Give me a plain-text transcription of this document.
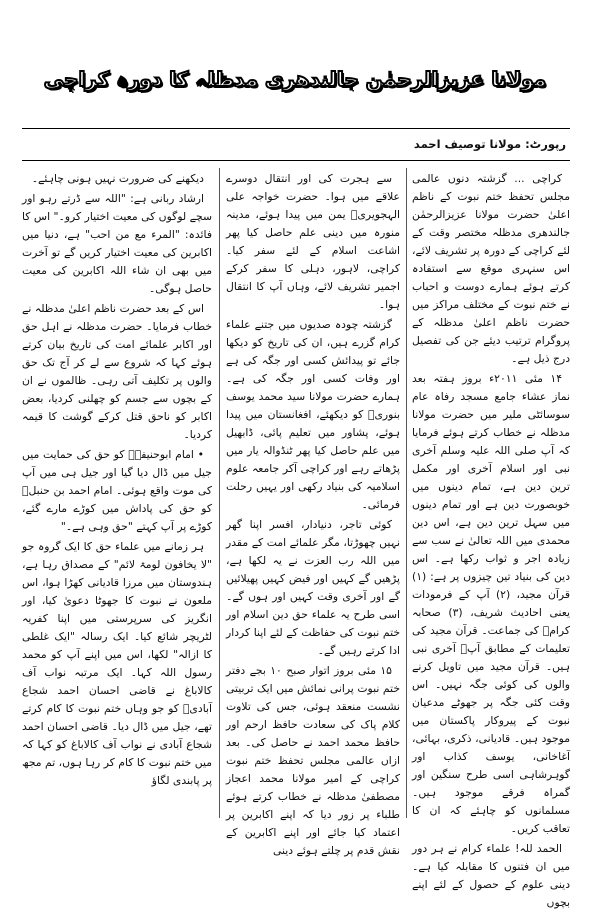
مولانا عزیزالرحمٰن جالندھری مدظلہ کا دورہ کراچی
رپورٹ: مولانا توصیف احمد

کراچی ... گزشتہ دنوں عالمی مجلس تحفظ ختم نبوت کے ناظم اعلیٰ حضرت مولانا عزیزالرحمٰن جالندھری مدظلہ مختصر وقت کے لئے کراچی کے دورہ پر تشریف لائے، اس سنہری موقع سے استفادہ کرتے ہوئے ہمارے دوست و احباب نے ختم نبوت کے مختلف مراکز میں حضرت ناظم اعلیٰ مدظلہ کے پروگرام ترتیب دیئے جن کی تفصیل درج ذیل ہے۔

۱۴ مئی ۲۰۱۱ء بروز ہفتہ بعد نماز عشاء جامع مسجد رفاہ عام سوسائٹی ملیر میں حضرت مولانا مدظلہ نے خطاب کرتے ہوئے فرمایا کہ آپ صلی اللہ علیہ وسلم آخری نبی اور اسلام آخری اور مکمل ترین دین ہے، تمام دینوں میں خوبصورت دین ہے اور تمام دینوں میں سہل ترین دین ہے، اس دین محمدی میں اللہ تعالیٰ نے سب سے زیادہ اجر و ثواب رکھا ہے۔ اس دین کی بنیاد تین چیزوں پر ہے: (۱) قرآن مجید، (۲) آپ کے فرمودات یعنی احادیث شریف، (۳) صحابہ کرامؓ کی جماعت۔ قرآن مجید کی تعلیمات کے مطابق آپؐ آخری نبی ہیں۔ قرآن مجید میں تاویل کرنے والوں کی کوئی جگہ نہیں۔ اس وقت کئی جگہ پر جھوٹے مدعیان نبوت کے پیروکار پاکستان میں موجود ہیں۔ قادیانی، ذکری، بہائی، آغاخانی، یوسف کذاب اور گوہرشاہی اسی طرح سنگین اور گمراہ فرقے موجود ہیں۔ مسلمانوں کو چاہئے کہ ان کا تعاقب کریں۔

الحمد للہ! علماء کرام نے ہر دور میں ان فتنوں کا مقابلہ کیا ہے۔ دینی علوم کے حصول کے لئے اپنے بچوں

سے ہجرت کی اور انتقال دوسرے علاقے میں ہوا۔ حضرت خواجہ علی الہجویریؒ یمن میں پیدا ہوئے، مدینہ منورہ میں دینی علم حاصل کیا پھر اشاعت اسلام کے لئے سفر کیا۔ کراچی، لاہور، دہلی کا سفر کرکے اجمیر تشریف لائے، وہاں آپ کا انتقال ہوا۔

گزشتہ چودہ صدیوں میں جتنے علماء کرام گزرے ہیں، ان کی تاریخ کو دیکھا جائے تو پیدائش کسی اور جگہ کی ہے اور وفات کسی اور جگہ کی ہے۔ ہمارے حضرت مولانا سید محمد یوسف بنوریؒ کو دیکھئے، افغانستان میں پیدا ہوئے، پشاور میں تعلیم پائی، ڈابھیل میں علم حاصل کیا پھر ٹنڈوالہ یار میں پڑھاتے رہے اور کراچی آکر جامعہ علوم اسلامیہ کی بنیاد رکھی اور یہیں رحلت فرمائی۔

کوئی تاجر، دنیادار، افسر اپنا گھر نہیں چھوڑتا، مگر علمائے امت کے مقدر میں اللہ رب العزت نے یہ لکھا ہے، پڑھیں گے کہیں اور فیض کہیں پھیلائیں گے اور آخری وقت کہیں اور ہوں گے۔ اسی طرح یہ علماء حق دین اسلام اور ختم نبوت کی حفاظت کے لئے اپنا کردار ادا کرتے رہیں گے۔

۱۵ مئی بروز اتوار صبح ۱۰ بجے دفتر ختم نبوت پرانی نمائش میں ایک تربیتی نشست منعقد ہوئی، جس کی تلاوت کلام پاک کی سعادت حافظ ارحم اور حافظ محمد احمد نے حاصل کی۔ بعد ازاں عالمی مجلس تحفظ ختم نبوت کراچی کے امیر مولانا محمد اعجاز مصطفیٰ مدظلہ نے خطاب کرتے ہوئے طلباء پر زور دیا کہ اپنے اکابرین پر اعتماد کیا جائے اور اپنے اکابرین کے نقش قدم پر چلتے ہوئے دینی

دیکھنے کی ضرورت نہیں ہونی چاہئے۔

ارشاد ربانی ہے: "اللہ سے ڈرتے رہو اور سچے لوگوں کی معیت اختیار کرو۔" اس کا فائدہ: "المرء مع من احب" ہے، دنیا میں اکابرین کی معیت اختیار کریں گے تو آخرت میں بھی ان شاء اللہ اکابرین کی معیت حاصل ہوگی۔

اس کے بعد حضرت ناظم اعلیٰ مدظلہ نے خطاب فرمایا۔ حضرت مدظلہ نے اہل حق اور اکابر علمائے امت کی تاریخ بیان کرتے ہوئے کہا کہ شروع سے لے کر آج تک حق والوں پر تکلیف آتی رہی۔ ظالموں نے ان کے بچوں سے جسم کو چھلنی کردیا، بعض اکابر کو ناحق قتل کرکے گوشت کا قیمہ کردیا۔

• امام ابوحنیفہؒ کو حق کی حمایت میں جیل میں ڈال دیا گیا اور جیل ہی میں آپ کی موت واقع ہوئی۔ امام احمد بن حنبلؒ کو حق کی پاداش میں کوڑے مارے گئے، کوڑے پر آپ کہتے "حق وہی ہے۔"

ہر زمانے میں علماء حق کا ایک گروہ جو "لا یخافون لومۃ لائم" کے مصداق رہا ہے، ہندوستان میں مرزا قادیانی کھڑا ہوا، اس ملعون نے نبوت کا جھوٹا دعویٰ کیا، اور انگریز کی سرپرستی میں اپنا کفریہ لٹریچر شائع کیا۔ ایک رسالہ "ایک غلطی کا ازالہ" لکھا، اس میں اپنے آپ کو محمد رسول اللہ کہا۔ ایک مرتبہ نواب آف کالاباغ نے قاضی احسان احمد شجاع آبادیؒ کو جو وہاں ختم نبوت کا کام کرتے تھے، جیل میں ڈال دیا۔ قاضی احسان احمد شجاع آبادی نے نواب آف کالاباغ کو کہا کہ میں ختم نبوت کا کام کر رہا ہوں، تم مجھ پر پابندی لگاؤ
